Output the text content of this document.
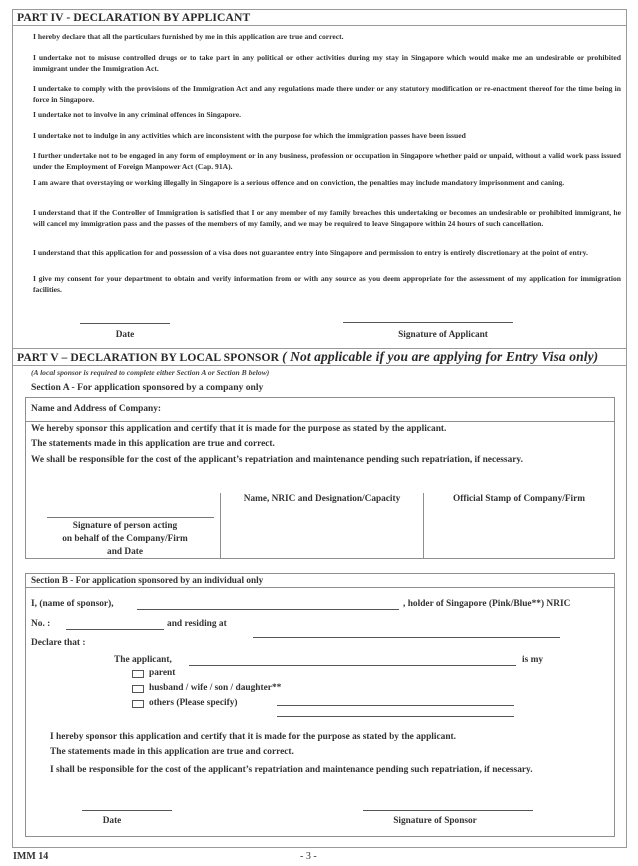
PART IV - DECLARATION BY APPLICANT
I hereby declare that all the particulars furnished by me in this application are true and correct.
I undertake not to misuse controlled drugs or to take part in any political or other activities during my stay in Singapore which would make me an undesirable or prohibited immigrant under the Immigration Act.
I undertake to comply with the provisions of the Immigration Act and any regulations made there under or any statutory modification or re-enactment thereof for the time being in force in Singapore.
I undertake not to involve in any criminal offences in Singapore.
I undertake not to indulge in any activities which are inconsistent with the purpose for which the immigration passes have been issued
I further undertake not to be engaged in any form of employment or in any business, profession or occupation in Singapore whether paid or unpaid, without a valid work pass issued under the Employment of Foreign Manpower Act (Cap. 91A).
I am aware that overstaying or working illegally in Singapore is a serious offence and on conviction, the penalties may include mandatory imprisonment and caning.
I understand that if the Controller of Immigration is satisfied that I or any member of my family breaches this undertaking or becomes an undesirable or prohibited immigrant, he will cancel my immigration pass and the passes of the members of my family, and we may be required to leave Singapore within 24 hours of such cancellation.
I understand that this application for and possession of a visa does not guarantee entry into Singapore and permission to entry is entirely discretionary at the point of entry.
I give my consent for your department to obtain and verify information from or with any source as you deem appropriate for the assessment of my application for immigration facilities.
Date	Signature of Applicant
PART V – DECLARATION BY LOCAL SPONSOR ( Not applicable if you are applying for Entry Visa only)
(A local sponsor is required to complete either Section A or Section B below)
Section A - For application sponsored by a company only
Name and Address of Company:
We hereby sponsor this application and certify that it is made for the purpose as stated by the applicant.
The statements made in this application are true and correct.
We shall be responsible for the cost of the applicant’s repatriation and maintenance pending such repatriation, if necessary.
Signature of person acting
on behalf of the Company/Firm
and Date
Name, NRIC and Designation/Capacity	Official Stamp of Company/Firm
Section B - For application sponsored by an individual only
I, (name of sponsor),	, holder of Singapore (Pink/Blue**) NRIC
No. :	and residing at
Declare that :
The applicant,	is my
parent
husband / wife / son / daughter**
others (Please specify)
I hereby sponsor this application and certify that it is made for the purpose as stated by the applicant.
The statements made in this application are true and correct.
I shall be responsible for the cost of the applicant’s repatriation and maintenance pending such repatriation, if necessary.
Date	Signature of Sponsor
IMM 14	- 3 -
